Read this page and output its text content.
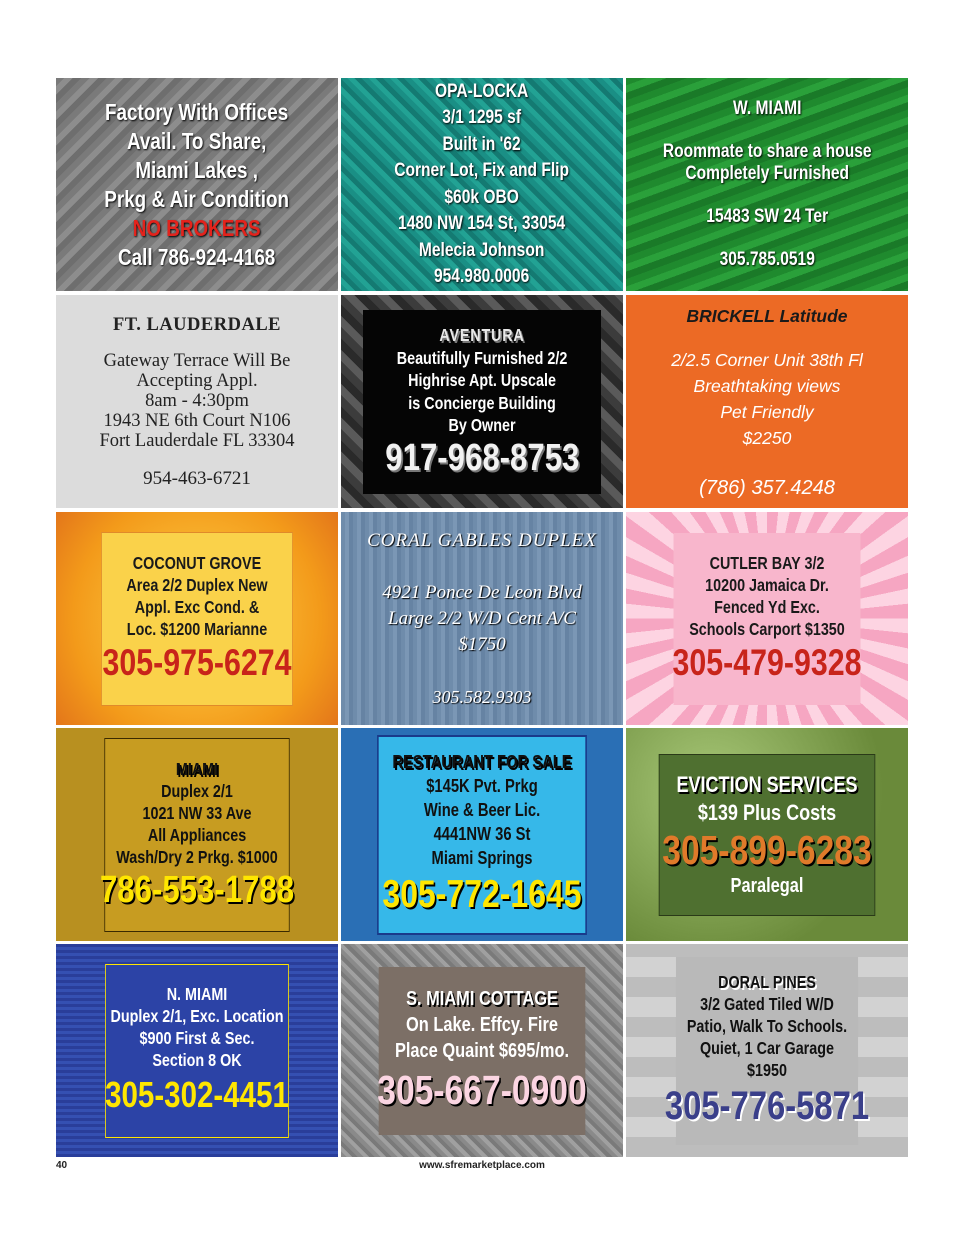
Factory With Offices
Avail. To Share,
Miami Lakes ,
Prkg & Air Condition
NO BROKERS
Call 786-924-4168
OPA-LOCKA
3/1 1295 sf
Built in '62
Corner Lot, Fix and Flip
$60k OBO
1480 NW 154 St, 33054
Melecia Johnson
954.980.0006
W. MIAMI
Roommate to share a house
Completely Furnished
15483 SW 24 Ter
305.785.0519
FT. LAUDERDALE
Gateway Terrace Will Be
Accepting Appl.
8am - 4:30pm
1943 NE 6th Court N106
Fort Lauderdale FL 33304
954-463-6721
AVENTURA
Beautifully Furnished 2/2
Highrise Apt. Upscale
is Concierge Building
By Owner
917-968-8753
BRICKELL Latitude
2/2.5 Corner Unit 38th Fl
Breathtaking views
Pet Friendly
$2250
(786) 357.4248
COCONUT GROVE
Area 2/2 Duplex New
Appl. Exc Cond. &
Loc. $1200 Marianne
305-975-6274
CORAL GABLES DUPLEX
4921 Ponce De Leon Blvd
Large 2/2 W/D Cent A/C
$1750
305.582.9303
CUTLER BAY 3/2
10200 Jamaica Dr.
Fenced Yd Exc.
Schools Carport $1350
305-479-9328
MIAMI
Duplex 2/1
1021 NW 33 Ave
All Appliances
Wash/Dry 2 Prkg. $1000
786-553-1788
RESTAURANT FOR SALE
$145K Pvt. Prkg
Wine & Beer Lic.
4441NW 36 St
Miami Springs
305-772-1645
EVICTION SERVICES
$139 Plus Costs
305-899-6283
Paralegal
N. MIAMI
Duplex 2/1, Exc. Location
$900 First & Sec.
Section 8 OK
305-302-4451
S. MIAMI COTTAGE
On Lake. Effcy. Fire
Place Quaint $695/mo.
305-667-0900
DORAL PINES
3/2 Gated Tiled W/D
Patio, Walk To Schools.
Quiet, 1 Car Garage
$1950
305-776-5871
40	www.sfremarketplace.com
